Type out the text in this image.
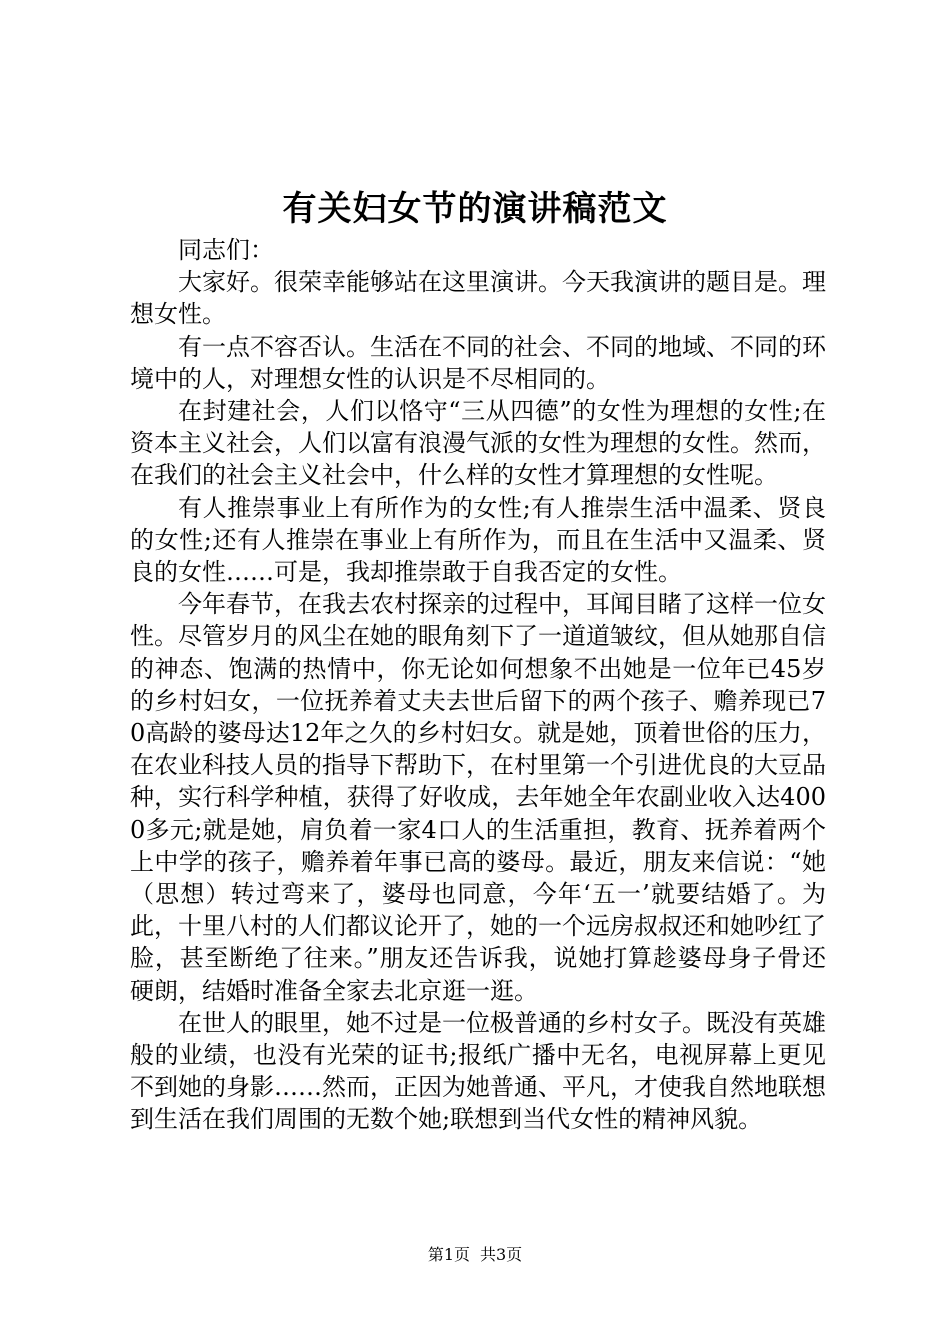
有关妇女节的演讲稿范文

同志们：

大家好。很荣幸能够站在这里演讲。今天我演讲的题目是。理想女性。

有一点不容否认。生活在不同的社会、不同的地域、不同的环境中的人，对理想女性的认识是不尽相同的。

在封建社会，人们以恪守“三从四德”的女性为理想的女性;在资本主义社会，人们以富有浪漫气派的女性为理想的女性。然而，在我们的社会主义社会中，什么样的女性才算理想的女性呢。

有人推崇事业上有所作为的女性;有人推崇生活中温柔、贤良的女性;还有人推崇在事业上有所作为，而且在生活中又温柔、贤良的女性……可是，我却推崇敢于自我否定的女性。

今年春节，在我去农村探亲的过程中，耳闻目睹了这样一位女性。尽管岁月的风尘在她的眼角刻下了一道道皱纹，但从她那自信的神态、饱满的热情中，你无论如何想象不出她是一位年已45岁的乡村妇女，一位抚养着丈夫去世后留下的两个孩子、赡养现已70高龄的婆母达12年之久的乡村妇女。就是她，顶着世俗的压力，在农业科技人员的指导下帮助下，在村里第一个引进优良的大豆品种，实行科学种植，获得了好收成，去年她全年农副业收入达4000多元;就是她，肩负着一家4口人的生活重担，教育、抚养着两个上中学的孩子，赡养着年事已高的婆母。最近，朋友来信说：“她（思想）转过弯来了，婆母也同意，今年‘五一’就要结婚了。为此，十里八村的人们都议论开了，她的一个远房叔叔还和她吵红了脸，甚至断绝了往来。”朋友还告诉我，说她打算趁婆母身子骨还硬朗，结婚时准备全家去北京逛一逛。

在世人的眼里，她不过是一位极普通的乡村女子。既没有英雄般的业绩，也没有光荣的证书;报纸广播中无名，电视屏幕上更见不到她的身影……然而，正因为她普通、平凡，才使我自然地联想到生活在我们周围的无数个她;联想到当代女性的精神风貌。

第1页 共3页
